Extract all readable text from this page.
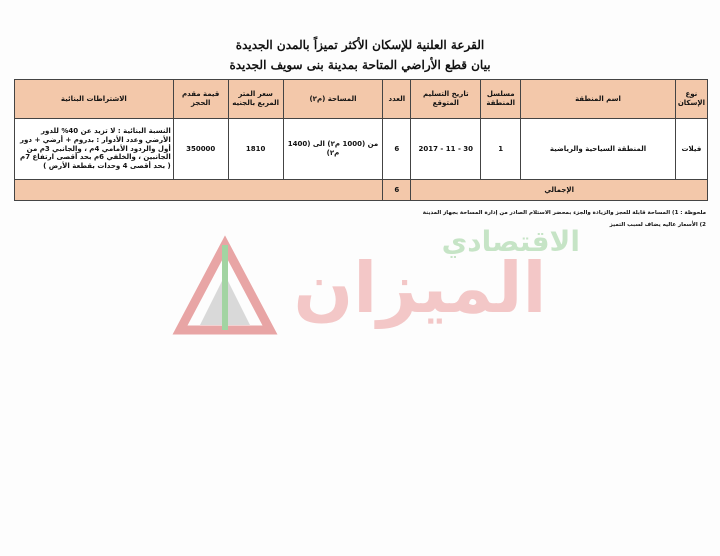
القرعة العلنية للإسكان الأكثر تميزاً بالمدن الجديدة
بيان قطع الأراضي المتاحة بمدينة بنى سويف الجديدة
نوع الإسكان	اسم المنطقة	مسلسل المنطقة	تاريخ التسليم المتوقع	العدد	المساحة (م٢)	سعر المتر المربع بالجنيه	قيمة مقدم الحجز	الاشتراطات البنائية
فيلات	المنطقة السياحية والرياضية	1	30 - 11 - 2017	6	من (1000 م٢) الى (1400 م٢)	1810	350000	النسبة البنائية : لا تزيد عن 40% للدور الأرضي وعدد الأدوار : بدروم + أرضي + دور أول والردود الأمامي 4م ، والجانبي 3م من الجانبين ، والخلفي 6م بحد أقصى ارتفاع 7م ( بحد أقصى 4 وحدات بقطعة الأرض )
الإجمالي				6				
ملحوظة : 1) المساحة قابلة للعجز والزيادة والجزء بمحضر الاستلام الصادر من إدارة المساحة بجهاز المدينة
2) الأسعار عاليه يضاف لسبب التميز
الاقتصادي
الميزان
